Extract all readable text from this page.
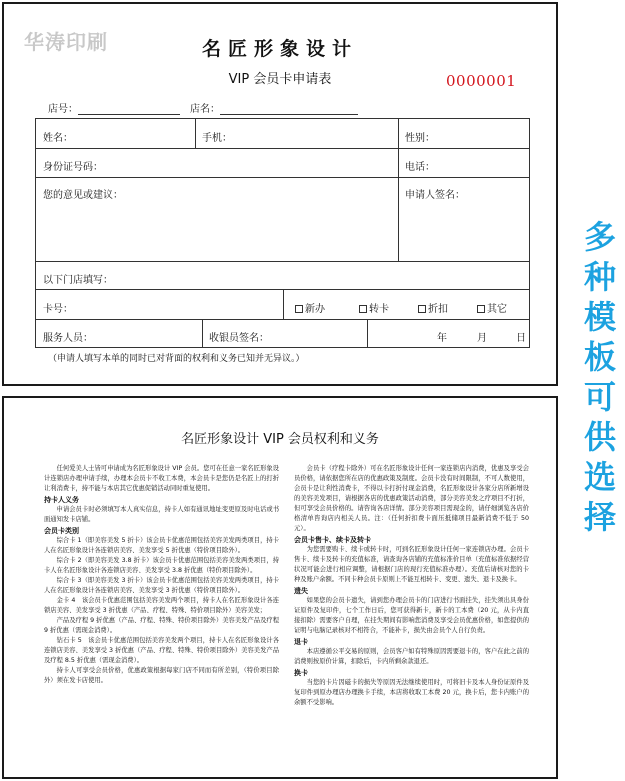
华涛印刷	名匠形象设计
VIP 会员卡申请表	0000001
店号：	店名：
姓名：	手机：	性别：
身份证号码：	电话：
您的意见或建议：	申请人签名：
以下门店填写：
卡号：	新办	转卡	折扣	其它
服务人员：	收银员签名：	年	月	日
（申请人填写本单的同时已对背面的权利和义务已知并无异议。）
名匠形象设计 VIP 会员权利和义务

任何爱美人士皆可申请成为名匠形象设计 VIP 会员。您可在任意一家名匠形象设计连锁店办理申请手续，办理本会员卡不收工本费，本会员卡是您仍是名匠上的打折让利消费卡，持不能与本店其它优惠促销活动同时重复使用。

持卡人义务

申请会员卡时必须填写本人真实信息，持卡人如有通讯地址变更原及时电话或书面通知发卡店铺。

会员卡类别

综合卡 1（即美容美发 5 折卡）该会员卡优惠范围包括美容美发两类项目，持卡人在名匠形象设计各连锁店美容、美发享受 5 折优惠（特价项目除外）。

综合卡 2（即美容美发 3.8 折卡）该会员卡优惠范围包括美容美发两类项目，持卡人在名匠形象设计各连锁店美容、美发享受 3.8 折优惠（特价项目除外）。

综合卡 3（即美容美发 3 折卡）该会员卡优惠范围包括美容美发两类项目，持卡人在名匠形象设计各连锁店美容、美发享受 3 折优惠（特价项目除外）。

金卡 4　该会员卡优惠范围包括美容美发两个项目，持卡人在名匠形象设计各连锁店美容、美发享受 3 折优惠（产品、疗程、特殊、特价项目除外）美容美发；

产品及疗程 9 折优惠（产品、疗程、特殊、特价项目除外）美容美发产品及疗程 9 折优惠（需现金消费）。

钻石卡 5　该会员卡优惠范围包括美容美发两个项目，持卡人在名匠形象设计各连锁店美容、美发享受 3 折优惠（产品、疗程、特殊、特价项目除外）美容美发产品及疗程 8.5 折优惠（需现金消费）。

持卡人可享受会员价格，优惠政策根据每家门店不同而有所差别，（特价项目除外）须在发卡店使用。

会员卡（疗程卡除外）可在名匠形象设计任何一家连锁店内消费，优惠及享受会员价格，请依据您所在店的优惠政策及制度。会员卡没有时间限制，不可人数使用，会员卡是让利性消费卡，不得以卡打折付现金消费，名匠形象设计各家分店所新增设的美容美发项目，请根据各店的优惠政策活动消费，部分美容美发之疗项目不打折，但可享受会员价格的。请咨询各店详情。部分美容项目需现金的，请仔细浏览各店价格清单咨询店内相关人员。注：（任何折扣费卡面压抵储项目最新消费不低于 50 元）。

会员卡售卡、续卡及转卡

为您需要购卡、续卡或转卡时，可到名匠形象设计任何一家连锁店办理。会员卡售卡、续卡及转卡的充值标准，请查询各店铺的充值标准价目单（充值标准依据经营状况可能会进行相应调整，请根据门店的现行充值标准办理）。充值后请核对您的卡种及账户余额。不同卡种会员卡原则上不能互相转卡、变更、遗失、退卡及换卡。

遗失

如果您的会员卡遗失，请到您办理会员卡的门店进行书面挂失，挂失须出具身份证原件及复印件，七个工作日后，您可获得新卡，新卡的工本费（20 元，从卡内直接扣除）需要客户自理，在挂失期间有影响您消费及享受会员优惠价格，如您提供的证明与电脑记录核对不相符合，不能补卡，损失由会员个人自行负责。

退卡

本店遵循公平交易的原则，会员客户如有特殊原因需要退卡的，客户在此之前的消费则按原价计算，扣除后，卡内所剩余款退还。

换卡

当您的卡片因磁卡的损失等原因无法继续使用时，可将旧卡及本人身份证原件及复印件到原办理店办理换卡手续，本店将收取工本费 20 元，换卡后，您卡内账户的余额不受影响。

多
种
模
板
可
供
选
择
